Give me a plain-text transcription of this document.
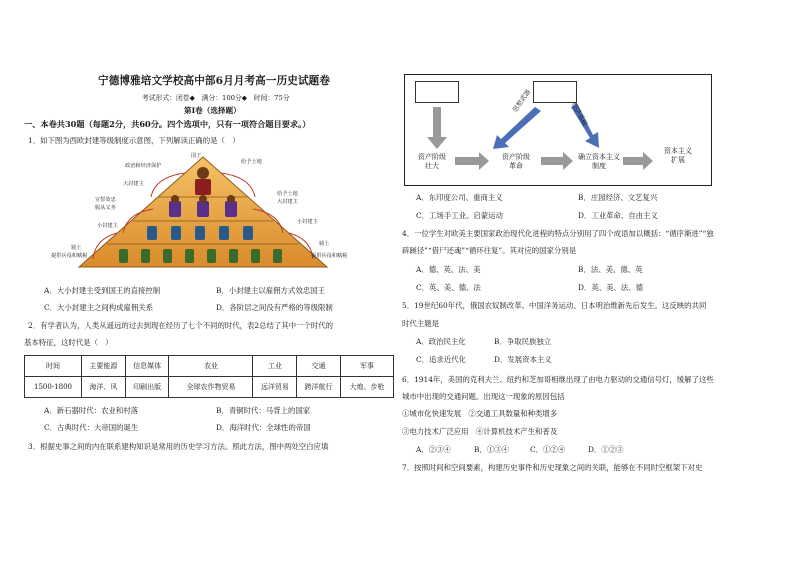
宁德博雅培文学校高中部6月月考高一历史试题卷
考试形式：闭卷◆　满分：100分◆　时间：75分
第Ⅰ卷（选择题）
一、本卷共30题（每题2分，共60分。四个选项中，只有一项符合题目要求。）
1．如下图为西欧封建等级制度示意图，下列解读正确的是（　）
国王
给予土地
政治和经济保护
大封建主
给予土地
大封建主
宣誓效忠
服从义务
小封建主
小封建主
骑士
骑士
提供兵役和赋税	提供兵役和赋税
A．大小封建主受到国王的直接控制	B．小封建主以雇佣方式效忠国王
C．大小封建主之间构成雇佣关系	D．各阶层之间没有严格的等级限制
2．有学者认为，人类从遥远的过去到现在经历了七个不同的时代，表2总结了其中一个时代的
基本特征，这时代是（　）
时间	主要能源	信息媒体	农业	工业	交通	军事
1500-1800	海洋、风	印刷出版	全球农作物贸易	远洋贸易	跨洋航行	大炮、步枪
A．新石器时代：农业和村落	B．青铜时代：马背上的国家
C．古典时代：大帝国的诞生	D．海洋时代：全球性的帝国
3．根据史事之间的内在联系建构知识是常用的历史学习方法。照此方法，图中两处空白应填
思想武器
经济基础
资产阶级
壮大
资产阶级
革命
确立资本主义
制度
资本主义
扩展
A．东印度公司、重商主义	B．庄园经济、文艺复兴
C．工场手工业、启蒙运动	D．工业革命、自由主义
4．一位学生对欧美主要国家政治现代化进程的特点分别用了四个成语加以概括：“循序渐进”“独
辟蹊径”“借尸还魂”“循环往复”。其对应的国家分别是
A．德、英、法、美	B．法、美、德、英
C．英、美、德、法	D．英、美、法、德
5．19世纪60年代，俄国农奴制改革、中国洋务运动、日本明治维新先后发生。这反映的共同
时代主题是
A．政治民主化	B．争取民族独立
C．追求近代化	D．发展资本主义
6．1914年，美国的克利夫兰、纽约和芝加哥相继出现了由电力驱动的交通信号灯，缓解了这些
城市中出现的交通问题。出现这一现象的原因包括
①城市化快速发展　②交通工具数量和种类增多
③电力技术广泛应用　④计算机技术产生和普及
A．②③④	B．①③④	C．①②④	D．①②③
7．按照时间和空间要素，构建历史事件和历史现象之间的关联，能够在不同时空框架下对史
